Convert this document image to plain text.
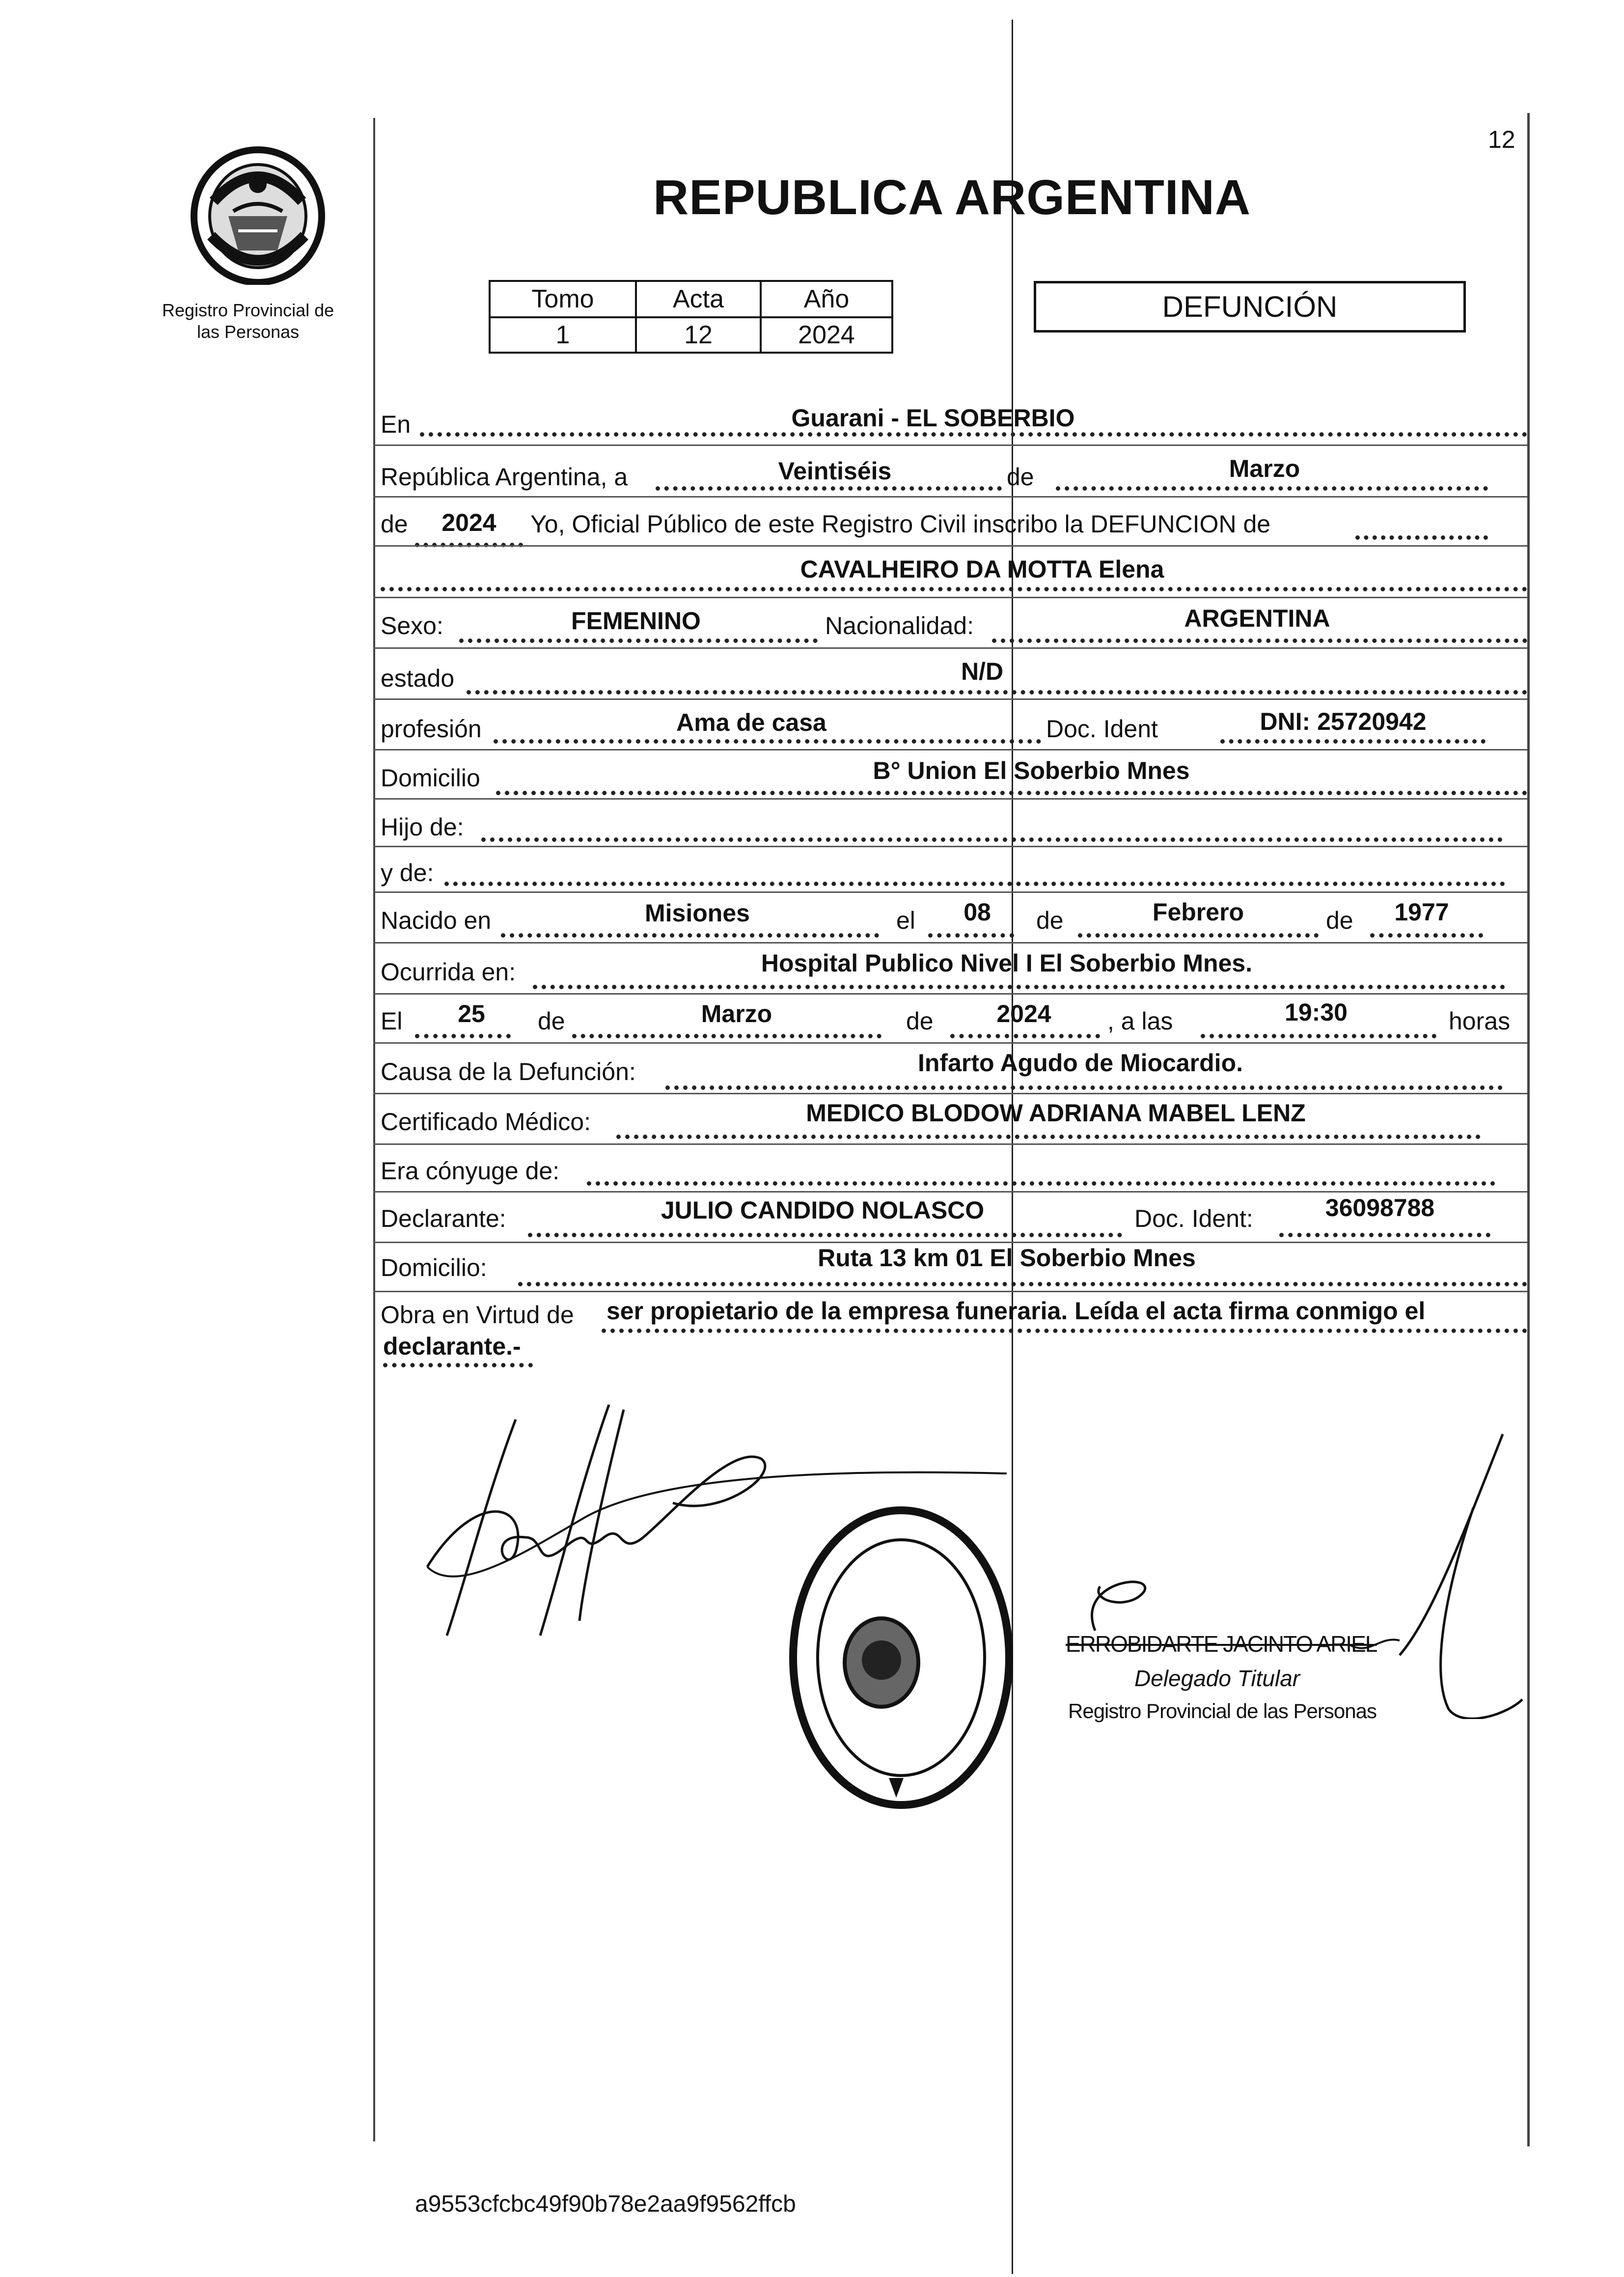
Registro Provincial de
las Personas
12
REPUBLICA ARGENTINA
Tomo	Acta	Año
1	12	2024
DEFUNCIÓN
En	Guarani - EL SOBERBIO
República Argentina, a	Veintiséis	de	Marzo
de	2024	Yo, Oficial Público de este Registro Civil inscribo la DEFUNCION de
CAVALHEIRO DA MOTTA Elena
Sexo:	FEMENINO	Nacionalidad:	ARGENTINA
estado	N/D
profesión	Ama de casa	Doc. Ident	DNI: 25720942
Domicilio	B° Union El Soberbio Mnes
Hijo de:
y de:
Nacido en	Misiones	el	08	de	Febrero	de	1977
Ocurrida en:	Hospital Publico Nivel I El Soberbio Mnes.
El	25	de	Marzo	de	2024	, a las	19:30	horas
Causa de la Defunción:	Infarto Agudo de Miocardio.
Certificado Médico:	MEDICO BLODOW ADRIANA MABEL LENZ
Era cónyuge de:
Declarante:	JULIO CANDIDO NOLASCO	Doc. Ident:	36098788
Domicilio:	Ruta 13 km 01 El Soberbio Mnes
Obra en Virtud de ser propietario de la empresa funeraria. Leída el acta firma conmigo el
declarante.-
ERROBIDARTE JACINTO ARIEL
Delegado Titular
Registro Provincial de las Personas
a9553cfcbc49f90b78e2aa9f9562ffcb
